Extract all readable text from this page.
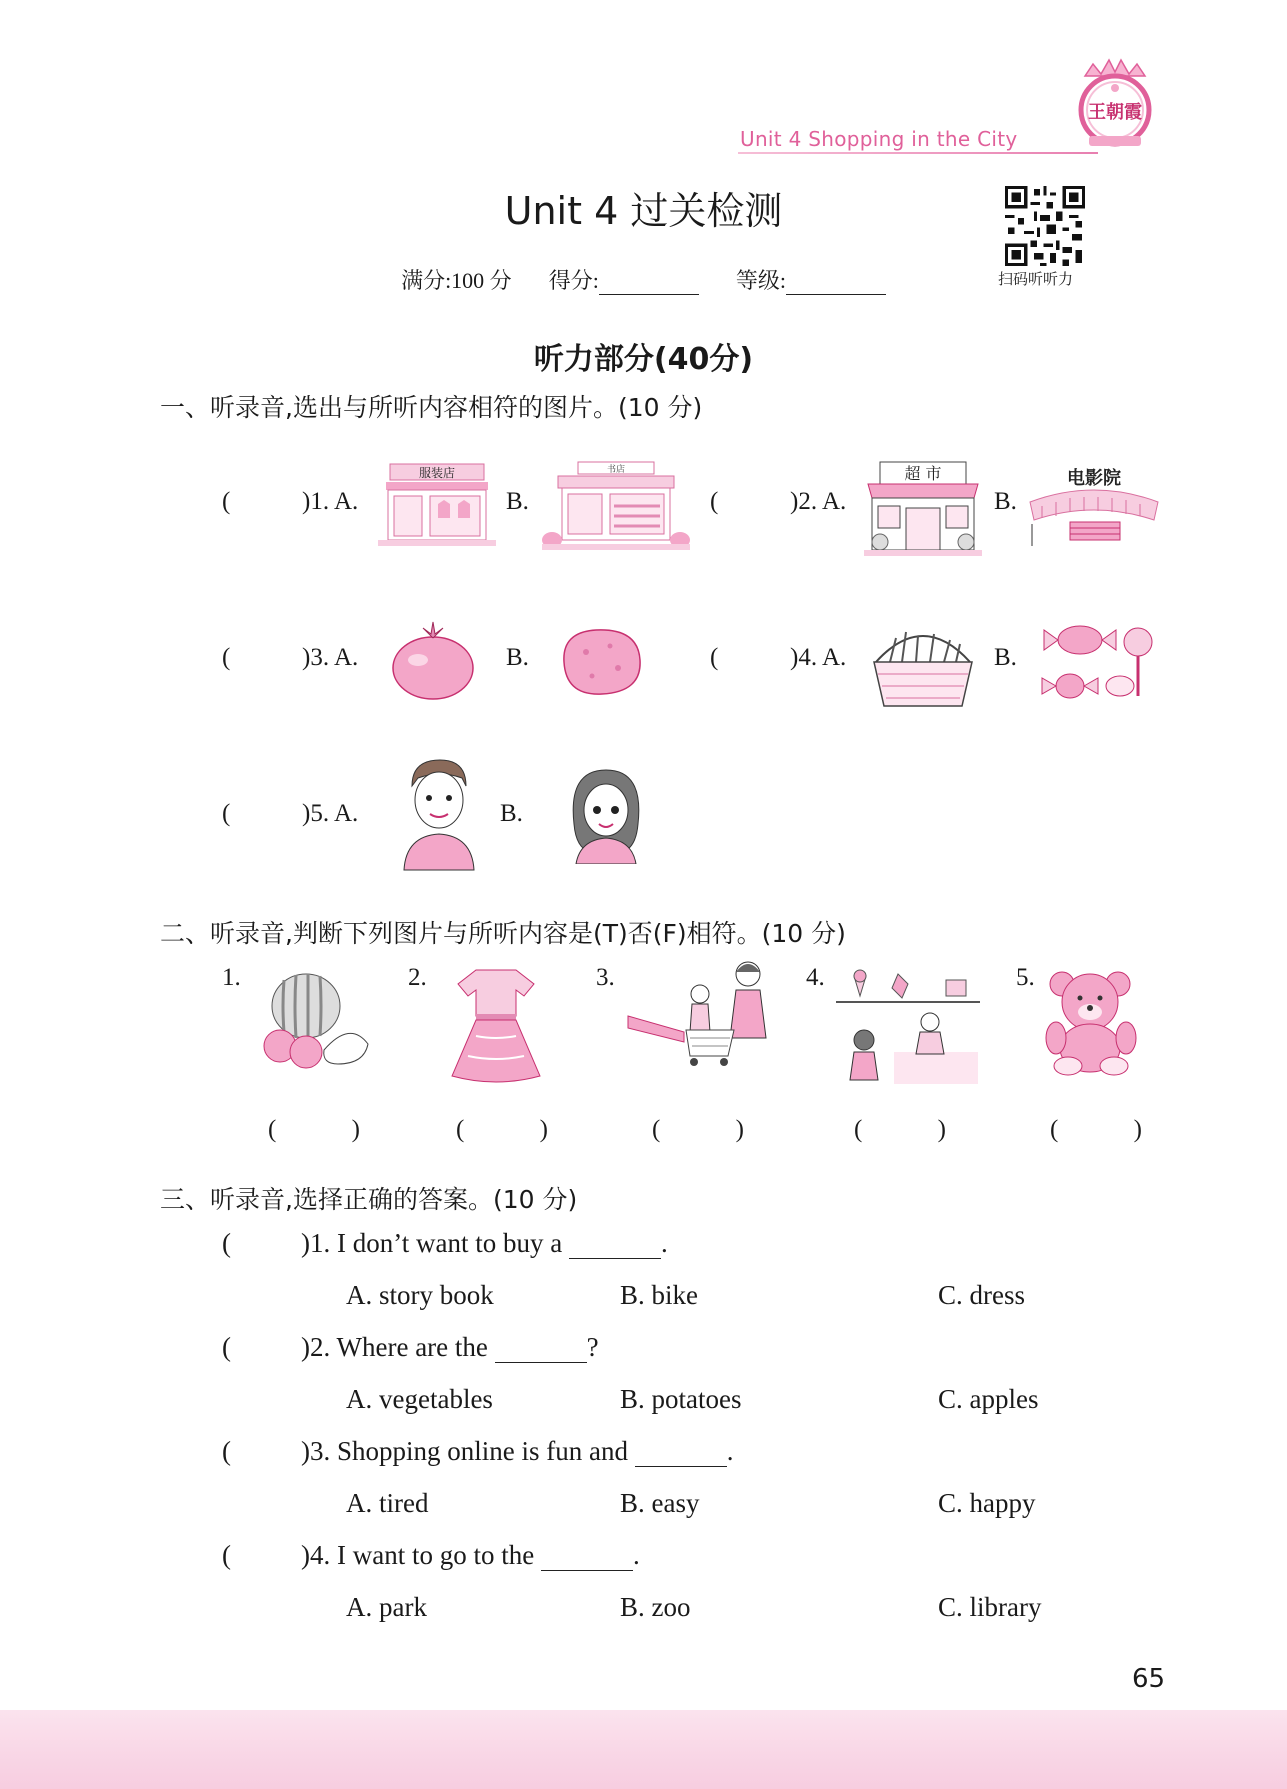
Unit 4 Shopping in the City
王朝霞
Unit 4 过关检测
扫码听听力
满分:100 分 得分:	等级:
听力部分(40分)
一、听录音,选出与所听内容相符的图片。(10 分)
(	)1. A.
服装店
B.
书店
(	)2. A.
超 市
B.
电影院
(	)3. A.	B.	(	)4. A.	B.
(	)5. A.	B.
二、听录音,判断下列图片与所听内容是(T)否(F)相符。(10 分)
1.	2.	3.	4.	5.
(	)	(	)	(	)	(	)	(	)
三、听录音,选择正确的答案。(10 分)
(	)1. I don’t want to buy a	.
A. story book	B. bike	C. dress
(	)2. Where are the	?
A. vegetables	B. potatoes	C. apples
(	)3. Shopping online is fun and	.
A. tired	B. easy	C. happy
(	)4. I want to go to the	.
A. park	B. zoo	C. library
65
